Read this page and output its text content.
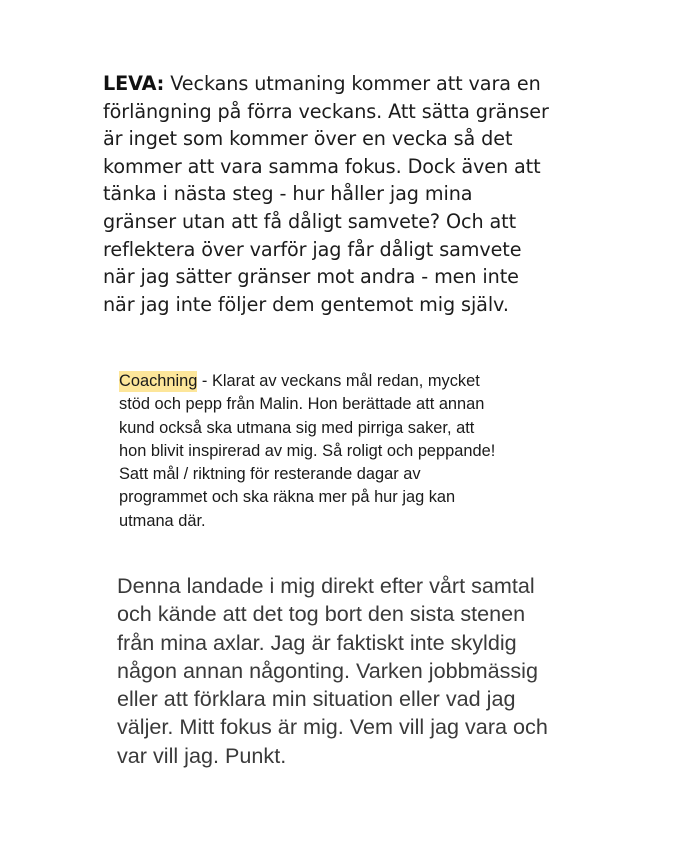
LEVA: Veckans utmaning kommer att vara en
förlängning på förra veckans. Att sätta gränser
är inget som kommer över en vecka så det
kommer att vara samma fokus. Dock även att
tänka i nästa steg - hur håller jag mina
gränser utan att få dåligt samvete? Och att
reflektera över varför jag får dåligt samvete
när jag sätter gränser mot andra - men inte
när jag inte följer dem gentemot mig själv.
Coachning - Klarat av veckans mål redan, mycket
stöd och pepp från Malin. Hon berättade att annan
kund också ska utmana sig med pirriga saker, att
hon blivit inspirerad av mig. Så roligt och peppande!
Satt mål / riktning för resterande dagar av
programmet och ska räkna mer på hur jag kan
utmana där.
Denna landade i mig direkt efter vårt samtal
och kände att det tog bort den sista stenen
från mina axlar. Jag är faktiskt inte skyldig
någon annan någonting. Varken jobbmässig
eller att förklara min situation eller vad jag
väljer. Mitt fokus är mig. Vem vill jag vara och
var vill jag. Punkt.
